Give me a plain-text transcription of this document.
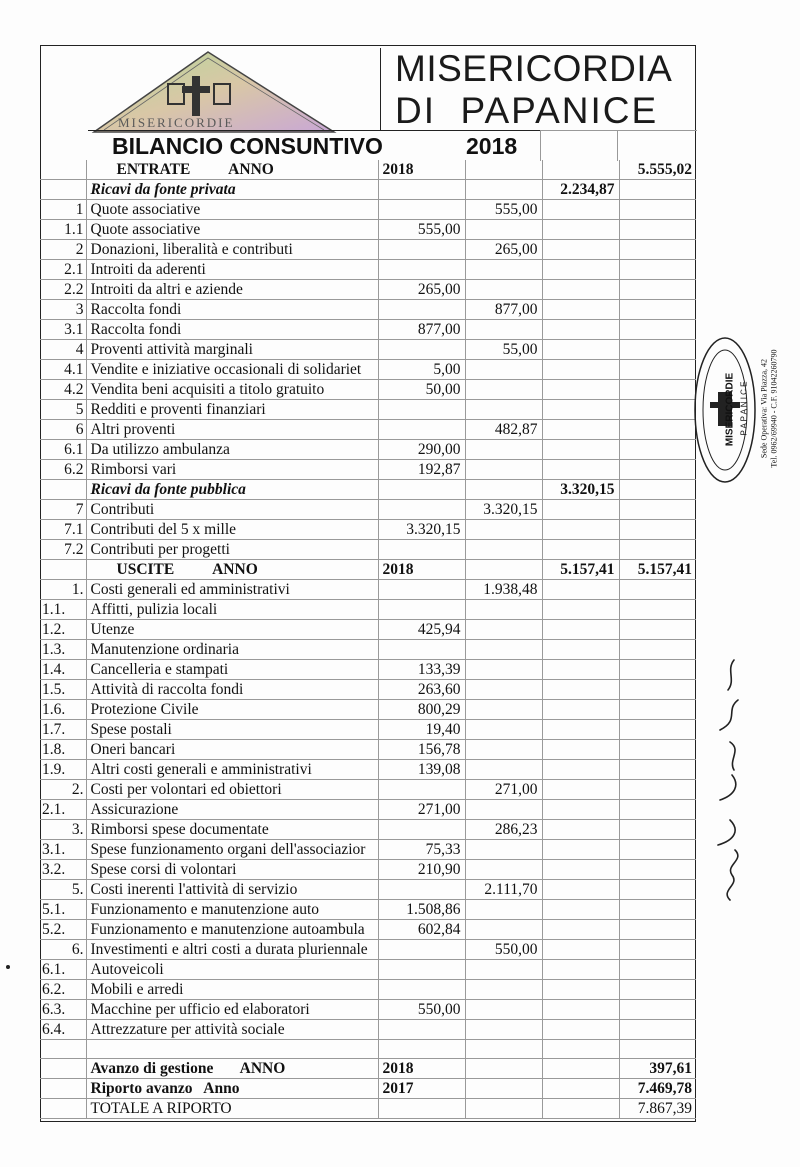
MISERICORDIE
MISERICORDIA
DI  PAPANICE
BILANCIO CONSUNTIVO	2018
	ENTRATE          ANNO	2018			5.555,02
	Ricavi da fonte privata			2.234,87	
1	Quote associative		555,00		
1.1	Quote associative	555,00			
2	Donazioni, liberalità e contributi		265,00		
2.1	Introiti da aderenti				
2.2	Introiti da altri e aziende	265,00			
3	Raccolta fondi		877,00		
3.1	Raccolta fondi	877,00			
4	Proventi attività marginali		55,00		
4.1	Vendite e iniziative occasionali di solidariet	5,00			
4.2	Vendita beni acquisiti a titolo gratuito	50,00			
5	Redditi e proventi finanziari				
6	Altri proventi		482,87		
6.1	Da utilizzo ambulanza	290,00			
6.2	Rimborsi vari	192,87			
	Ricavi da fonte pubblica			3.320,15	
7	Contributi		3.320,15		
7.1	Contributi del 5 x mille	3.320,15			
7.2	Contributi per progetti				
	USCITE          ANNO	2018		5.157,41	5.157,41
1.	Costi generali ed amministrativi		1.938,48		
1.1.	Affitti, pulizia locali				
1.2.	Utenze	425,94			
1.3.	Manutenzione ordinaria				
1.4.	Cancelleria e stampati	133,39			
1.5.	Attività di raccolta fondi	263,60			
1.6.	Protezione Civile	800,29			
1.7.	Spese postali	19,40			
1.8.	Oneri bancari	156,78			
1.9.	Altri costi generali e amministrativi	139,08			
2.	Costi per volontari ed obiettori		271,00		
2.1.	Assicurazione	271,00			
3.	Rimborsi spese documentate		286,23		
3.1.	Spese funzionamento organi dell'associazior	75,33			
3.2.	Spese corsi di volontari	210,90			
5.	Costi inerenti l'attività di servizio		2.111,70		
5.1.	Funzionamento e manutenzione auto	1.508,86			
5.2.	Funzionamento e manutenzione autoambula	602,84			
6.	Investimenti e altri costi a durata pluriennale		550,00		
6.1.	Autoveicoli				
6.2.	Mobili e arredi				
6.3.	Macchine per ufficio ed elaboratori	550,00			
6.4.	Attrezzature per attività sociale				

	Avanzo di gestione       ANNO	2018			397,61
	Riporto avanzo   Anno	2017			7.469,78
	TOTALE A RIPORTO				7.867,39
MISERICORDIE P A P A N I C E Sede Operativa: Via Piazza, 42 Tel. 0962/69940 - C.F. 91042260790
